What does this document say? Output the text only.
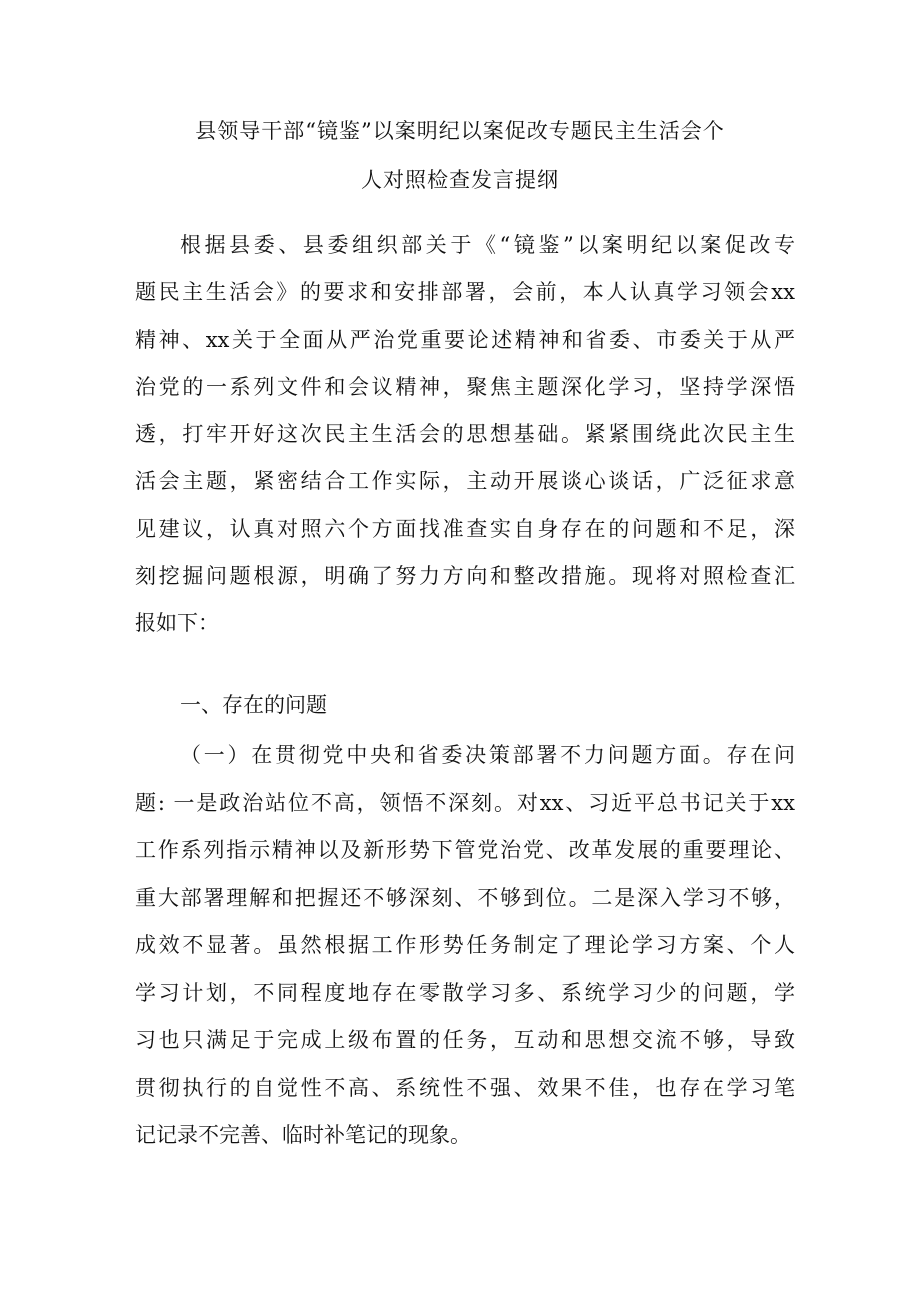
县领导干部“镜鉴”以案明纪以案促改专题民主生活会个
人对照检查发言提纲
根据县委、县委组织部关于《“镜鉴”以案明纪以案促改专
题民主生活会》的要求和安排部署，会前，本人认真学习领会xx
精神、xx关于全面从严治党重要论述精神和省委、市委关于从严
治党的一系列文件和会议精神，聚焦主题深化学习，坚持学深悟
透，打牢开好这次民主生活会的思想基础。紧紧围绕此次民主生
活会主题，紧密结合工作实际，主动开展谈心谈话，广泛征求意
见建议，认真对照六个方面找准查实自身存在的问题和不足，深
刻挖掘问题根源，明确了努力方向和整改措施。现将对照检查汇
报如下：
一、存在的问题
（一）在贯彻党中央和省委决策部署不力问题方面。存在问
题: 一是政治站位不高，领悟不深刻。对xx、习近平总书记关于xx
工作系列指示精神以及新形势下管党治党、改革发展的重要理论、
重大部署理解和把握还不够深刻、不够到位。二是深入学习不够，
成效不显著。虽然根据工作形势任务制定了理论学习方案、个人
学习计划，不同程度地存在零散学习多、系统学习少的问题，学
习也只满足于完成上级布置的任务，互动和思想交流不够，导致
贯彻执行的自觉性不高、系统性不强、效果不佳，也存在学习笔
记记录不完善、临时补笔记的现象。
